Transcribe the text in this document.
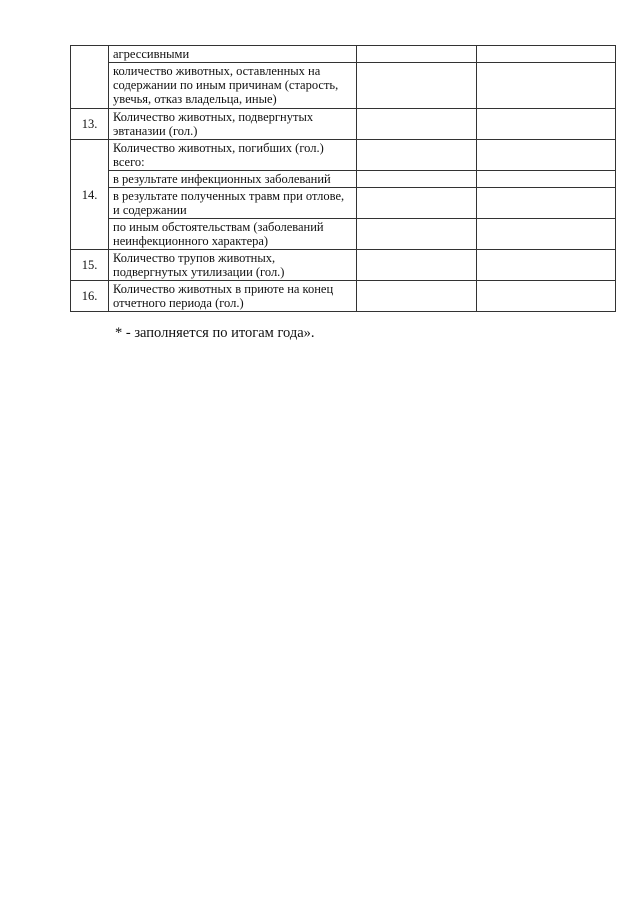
	агрессивными		
	количество животных, оставленных на содержании по иным причинам (старость, увечья, отказ владельца, иные)		
13.	Количество животных, подвергнутых эвтаназии (гол.)		
14.	Количество животных, погибших (гол.) всего:		
	в результате инфекционных заболеваний		
	в результате полученных травм при отлове, и содержании		
	по иным обстоятельствам (заболеваний неинфекционного характера)		
15.	Количество трупов животных, подвергнутых утилизации (гол.)		
16.	Количество животных в приюте на конец отчетного периода (гол.)		
* - заполняется по итогам года».
